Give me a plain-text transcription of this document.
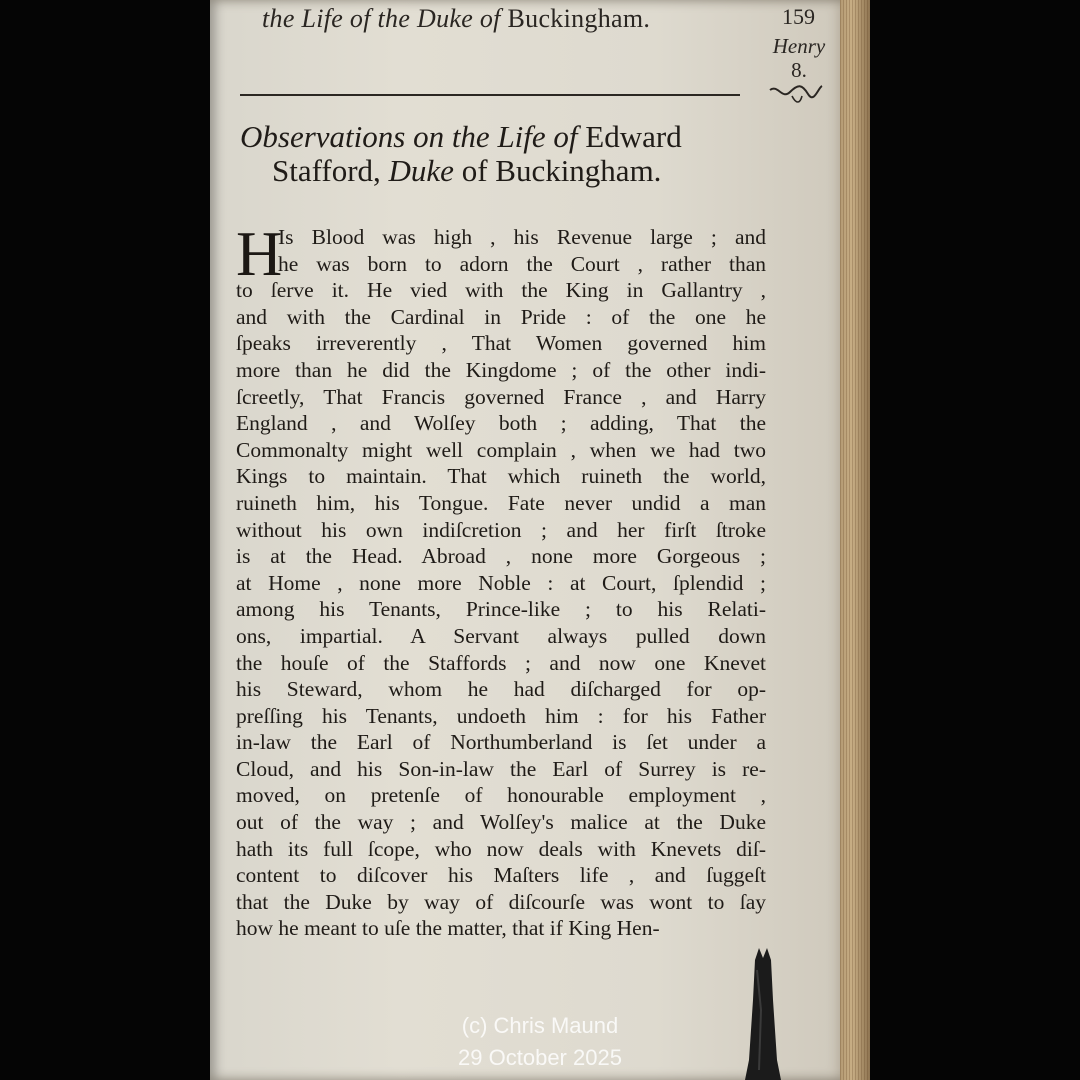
the Life of the Duke of Buckingham.	159
Henry
8.
Observations on the Life of Edward
Stafford, Duke of Buckingham.
H
Is Blood was high , his Revenue large ; and
he was born to adorn the Court , rather than
to ſerve it. He vied with the King in Gallantry ,
and with the Cardinal in Pride : of the one he
ſpeaks irreverently , That Women governed him
more than he did the Kingdome ; of the other indi-
ſcreetly, That Francis governed France , and Harry
England , and Wolſey both ; adding, That the
Commonalty might well complain , when we had two
Kings to maintain. That which ruineth the world,
ruineth him, his Tongue. Fate never undid a man
without his own indiſcretion ; and her firſt ſtroke
is at the Head. Abroad , none more Gorgeous ;
at Home , none more Noble : at Court, ſplendid ;
among his Tenants, Prince-like ; to his Relati-
ons, impartial. A Servant always pulled down
the houſe of the Staffords ; and now one Knevet
his Steward, whom he had diſcharged for op-
preſſing his Tenants, undoeth him : for his Father
in-law the Earl of Northumberland is ſet under a
Cloud, and his Son-in-law the Earl of Surrey is re-
moved, on pretenſe of honourable employment ,
out of the way ; and Wolſey's malice at the Duke
hath its full ſcope, who now deals with Knevets diſ-
content to diſcover his Maſters life , and ſuggeſt
that the Duke by way of diſcourſe was wont to ſay
how he meant to uſe the matter, that if King Hen-
(c) Chris Maund
29 October 2025
